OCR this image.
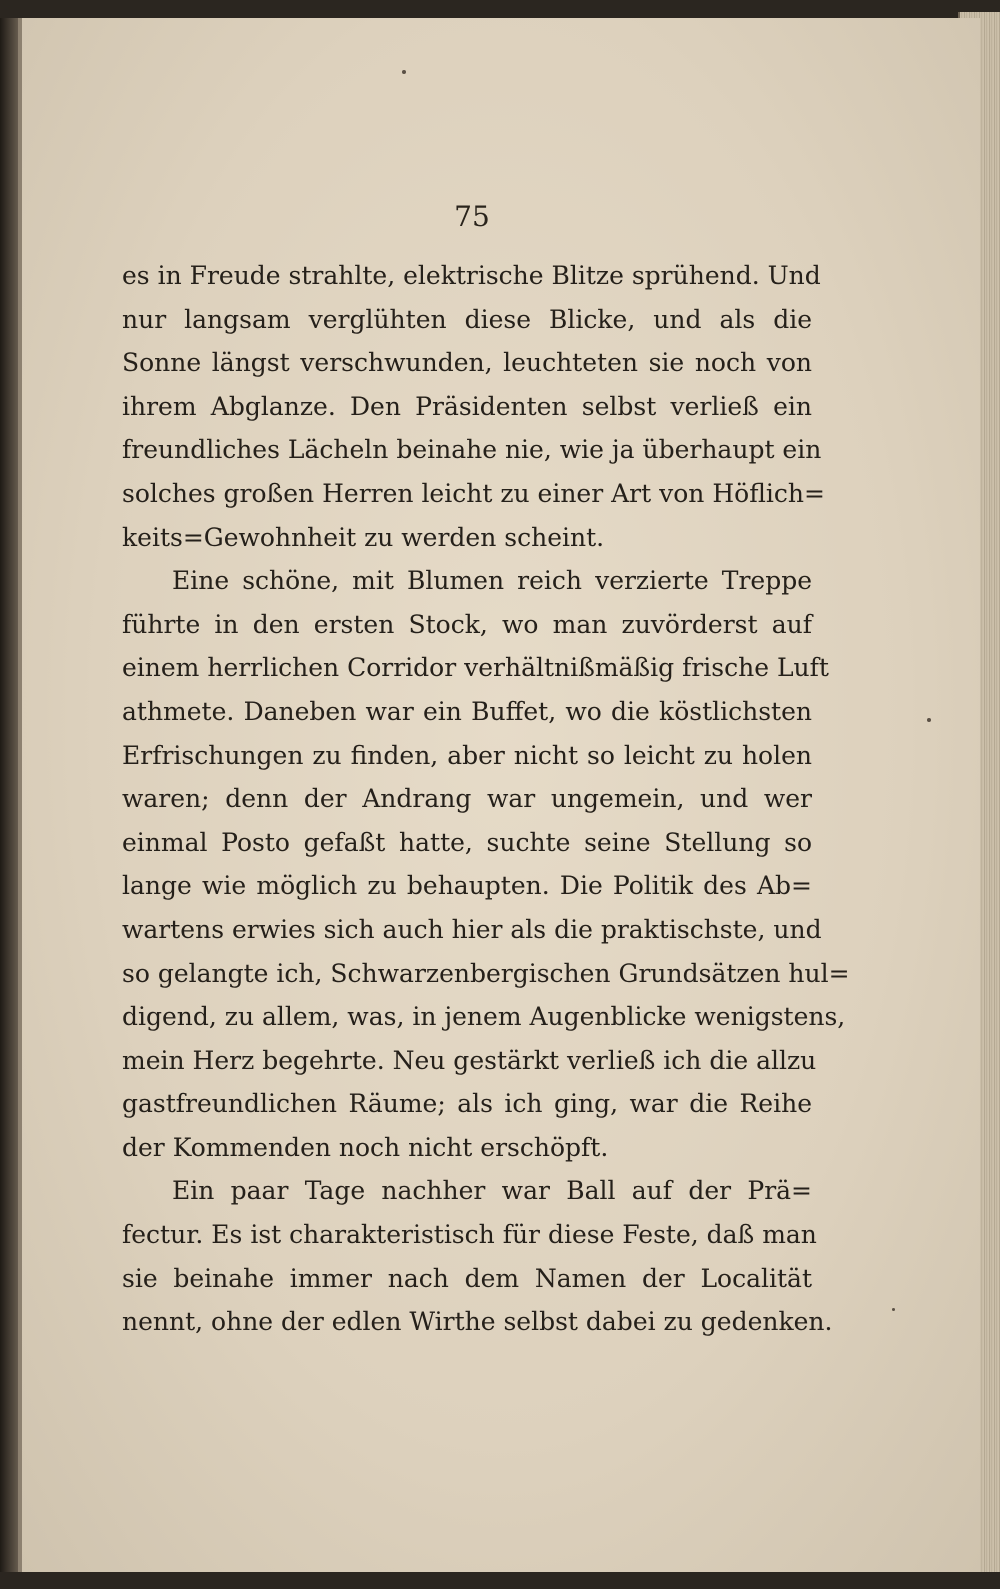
75
es in Freude strahlte, elektrische Blitze sprühend. Und
nur langsam verglühten diese Blicke, und als die
Sonne längst verschwunden, leuchteten sie noch von
ihrem Abglanze. Den Präsidenten selbst verließ ein
freundliches Lächeln beinahe nie, wie ja überhaupt ein
solches großen Herren leicht zu einer Art von Höflich=
keits=Gewohnheit zu werden scheint.
Eine schöne, mit Blumen reich verzierte Treppe
führte in den ersten Stock, wo man zuvörderst auf
einem herrlichen Corridor verhältnißmäßig frische Luft
athmete. Daneben war ein Buffet, wo die köstlichsten
Erfrischungen zu finden, aber nicht so leicht zu holen
waren; denn der Andrang war ungemein, und wer
einmal Posto gefaßt hatte, suchte seine Stellung so
lange wie möglich zu behaupten. Die Politik des Ab=
wartens erwies sich auch hier als die praktischste, und
so gelangte ich, Schwarzenbergischen Grundsätzen hul=
digend, zu allem, was, in jenem Augenblicke wenigstens,
mein Herz begehrte. Neu gestärkt verließ ich die allzu
gastfreundlichen Räume; als ich ging, war die Reihe
der Kommenden noch nicht erschöpft.
Ein paar Tage nachher war Ball auf der Prä=
fectur. Es ist charakteristisch für diese Feste, daß man
sie beinahe immer nach dem Namen der Localität
nennt, ohne der edlen Wirthe selbst dabei zu gedenken.
